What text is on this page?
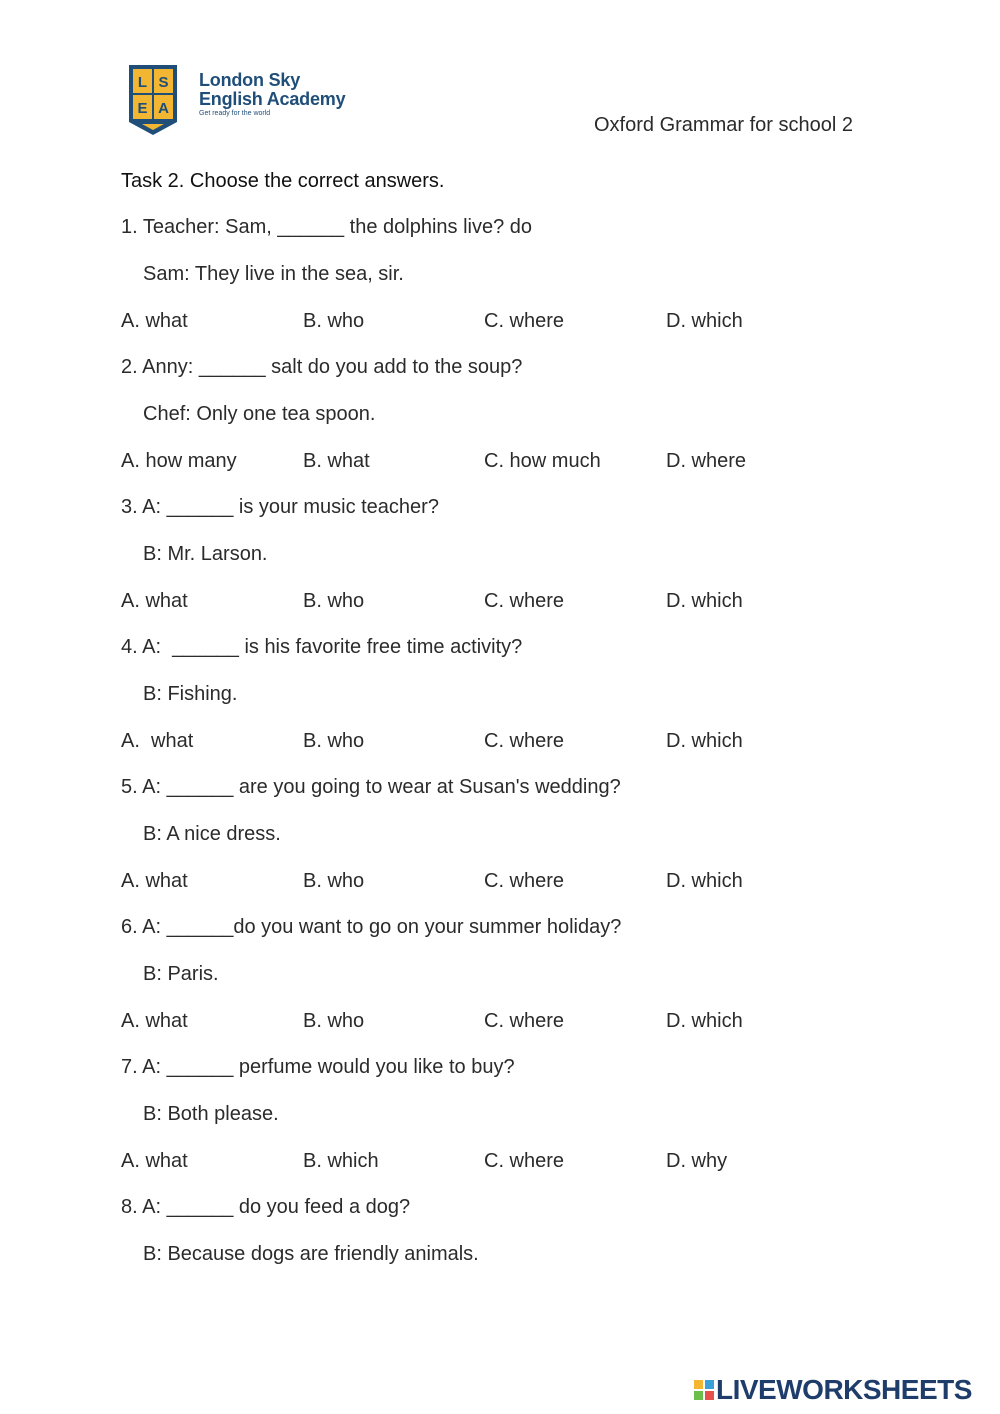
L S
E A
London Sky
English Academy
Get ready for the world
Oxford Grammar for school 2
Task 2. Choose the correct answers.
1. Teacher: Sam, ______ the dolphins live? do
Sam: They live in the sea, sir.
A. what	B. who	C. where	D. which
2. Anny: ______ salt do you add to the soup?
Chef: Only one tea spoon.
A. how many	B. what	C. how much	D. where
3. A: ______ is your music teacher?
B: Mr. Larson.
A. what	B. who	C. where	D. which
4. A:  ______ is his favorite free time activity?
B: Fishing.
A.  what	B. who	C. where	D. which
5. A: ______ are you going to wear at Susan's wedding?
B: A nice dress.
A. what	B. who	C. where	D. which
6. A: ______do you want to go on your summer holiday?
B: Paris.
A. what	B. who	C. where	D. which
7. A: ______ perfume would you like to buy?
B: Both please.
A. what	B. which	C. where	D. why
8. A: ______ do you feed a dog?
B: Because dogs are friendly animals.
LIVEWORKSHEETS
